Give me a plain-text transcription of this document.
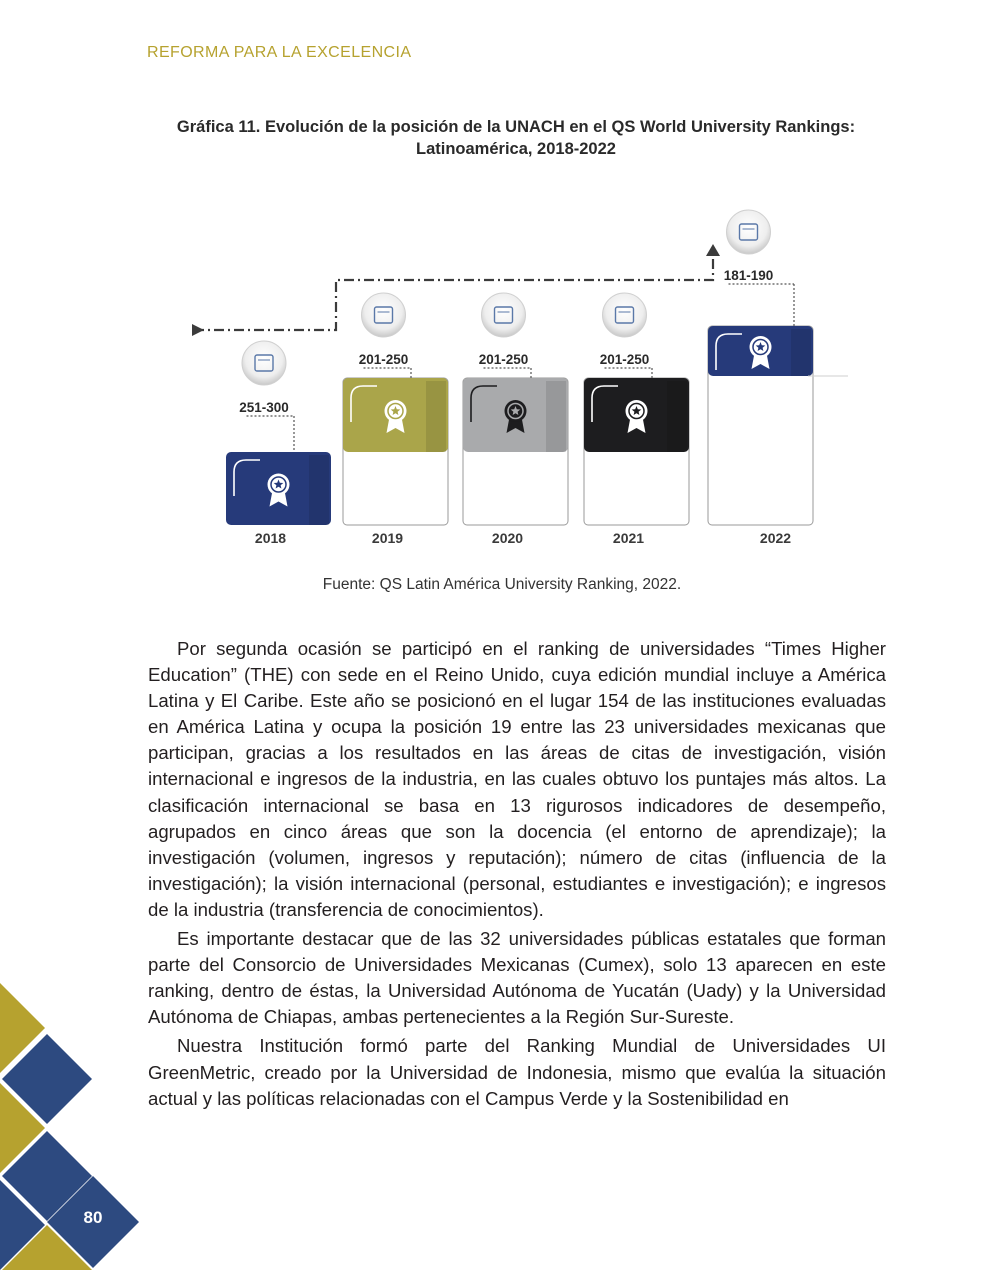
REFORMA PARA LA EXCELENCIA
Gráfica 11. Evolución de la posición de la UNACH en el QS World University Rankings:
Latinoamérica, 2018-2022
251-300
2018
201-250
2019
201-250
2020
201-250
2021
181-190
2022
Fuente: QS Latin América University Ranking, 2022.

Por segunda ocasión se participó en el ranking de universidades “Times Higher Education” (THE) con sede en el Reino Unido, cuya edición mundial incluye a América Latina y El Caribe. Este año se posicionó en el lugar 154 de las instituciones evaluadas en América Latina y ocupa la posición 19 entre las 23 universidades mexicanas que participan, gracias a los resultados en las áreas de citas de investigación, visión internacional e ingresos de la industria, en las cuales obtuvo los puntajes más altos. La clasificación internacional se basa en 13 rigurosos indicadores de desempeño, agrupados en cinco áreas que son la docencia (el entorno de aprendizaje); la investigación (volumen, ingresos y reputación); número de citas (influencia de la investigación); la visión internacional (personal, estudiantes e investigación); e ingresos de la industria (transferencia de conocimientos).

Es importante destacar que de las 32 universidades públicas estatales que forman parte del Consorcio de Universidades Mexicanas (Cumex), solo 13 aparecen en este ranking, dentro de éstas, la Universidad Autónoma de Yucatán (Uady) y la Universidad Autónoma de Chiapas, ambas pertenecientes a la Región Sur-Sureste.

Nuestra Institución formó parte del Ranking Mundial de Universidades UI GreenMetric, creado por la Universidad de Indonesia, mismo que evalúa la situación actual y las políticas relacionadas con el Campus Verde y la Sostenibilidad en

80
